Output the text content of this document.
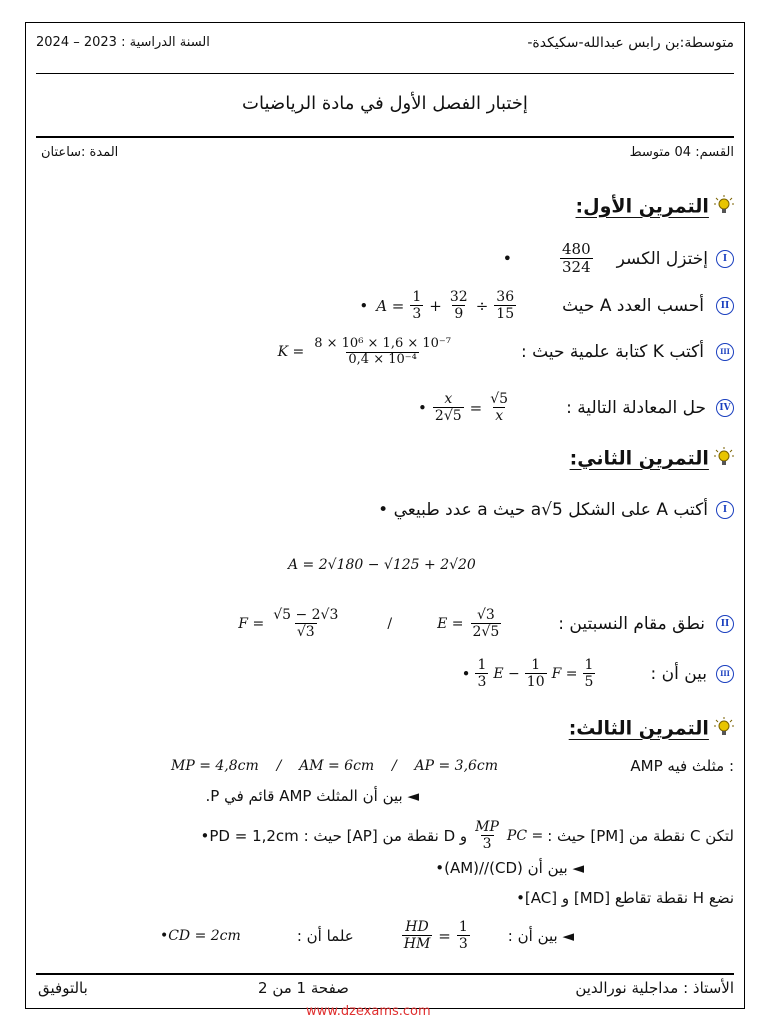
متوسطة:بن رابس عبدالله-سكيكدة-
السنة الدراسية : 2023 – 2024
إختبار الفصل الأول في مادة الرياضيات
القسم: 04 متوسط
المدة :ساعتان
التمرين الأول:
•	$\frac{480}{324}$ إختزل الكسر	I
• $A = \frac{1}{3} + \frac{32}{9} \div \frac{36}{15}$	أحسب العدد A حيث	II
$K = \frac{\text{8 × 10⁶ × 1,6 × 10⁻⁷}}{\text{0,4 × 10⁻⁴}}$	أكتب K كتابة علمية حيث :	III
• $\frac{x}{2√5} = \frac{√5}{x}$	حل المعادلة التالية :	IV
التمرين الثاني:
أكتب A على الشكل a√5 حيث a عدد طبيعي •	I
A = 2√180 − √125 + 2√20
$F = \frac{√5 - 2√3}{√3}$	/	$E = \frac{√3}{2√5}$	نطق مقام النسبتين :	II
• $\frac{1}{3}$ $E - \frac{1}{10}$ $F = \frac{1}{5}$	بين أن :	III
التمرين الثالث:
AMP مثلث فيه :
MP = 4,8cm    /    AM = 6cm    /    AP = 3,6cm
◄ بين أن المثلث AMP قائم في P.
لتكن C نقطة من [PM] حيث :
PC =
$\frac{MP}{3}$
و D نقطة من [AP] حيث : PD = 1,2cm•
◄ بين أن (CD)//(AM)•
نضع H نقطة تقاطع [MD] و [AC]•
◄ بين أن :
$\frac{HD}{HM} = \frac{1}{3}$
علما أن :
•CD = 2cm
الأستاذ : مداجلية نورالدين
صفحة 1 من 2
بالتوفيق
www.dzexams.com
